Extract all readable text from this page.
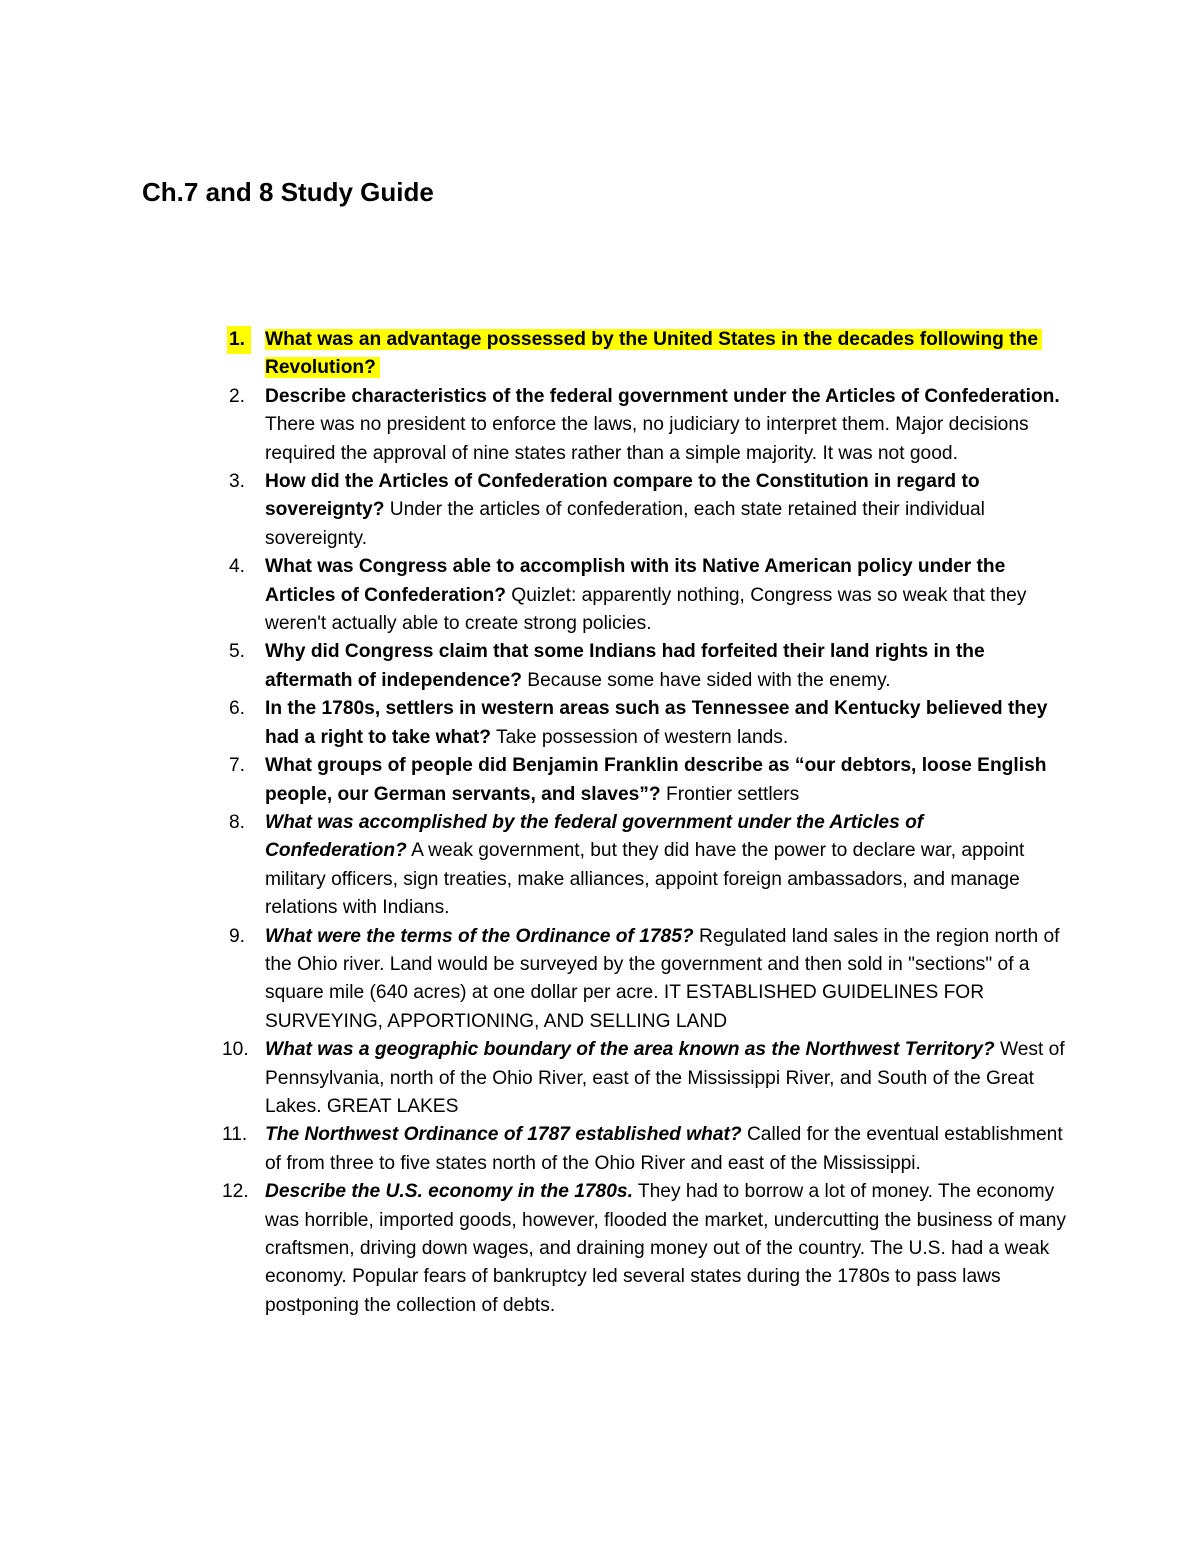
Ch.7 and 8 Study Guide
1.	What was an advantage possessed by the United States in the decades following the Revolution?
2. Describe characteristics of the federal government under the Articles of Confederation. There was no president to enforce the laws, no judiciary to interpret them. Major decisions required the approval of nine states rather than a simple majority. It was not good.
3. How did the Articles of Confederation compare to the Constitution in regard to sovereignty? Under the articles of confederation, each state retained their individual sovereignty.
4. What was Congress able to accomplish with its Native American policy under the Articles of Confederation? Quizlet: apparently nothing, Congress was so weak that they weren't actually able to create strong policies.
5. Why did Congress claim that some Indians had forfeited their land rights in the aftermath of independence? Because some have sided with the enemy.
6. In the 1780s, settlers in western areas such as Tennessee and Kentucky believed they had a right to take what? Take possession of western lands.
7. What groups of people did Benjamin Franklin describe as “our debtors, loose English people, our German servants, and slaves”? Frontier settlers
8. What was accomplished by the federal government under the Articles of Confederation? A weak government, but they did have the power to declare war, appoint military officers, sign treaties, make alliances, appoint foreign ambassadors, and manage relations with Indians.
9. What were the terms of the Ordinance of 1785? Regulated land sales in the region north of the Ohio river. Land would be surveyed by the government and then sold in "sections" of a square mile (640 acres) at one dollar per acre. IT ESTABLISHED GUIDELINES FOR SURVEYING, APPORTIONING, AND SELLING LAND
10. What was a geographic boundary of the area known as the Northwest Territory? West of Pennsylvania, north of the Ohio River, east of the Mississippi River, and South of the Great Lakes. GREAT LAKES
11. The Northwest Ordinance of 1787 established what? Called for the eventual establishment of from three to five states north of the Ohio River and east of the Mississippi.
12. Describe the U.S. economy in the 1780s. They had to borrow a lot of money. The economy was horrible, imported goods, however, flooded the market, undercutting the business of many craftsmen, driving down wages, and draining money out of the country. The U.S. had a weak economy. Popular fears of bankruptcy led several states during the 1780s to pass laws postponing the collection of debts.
